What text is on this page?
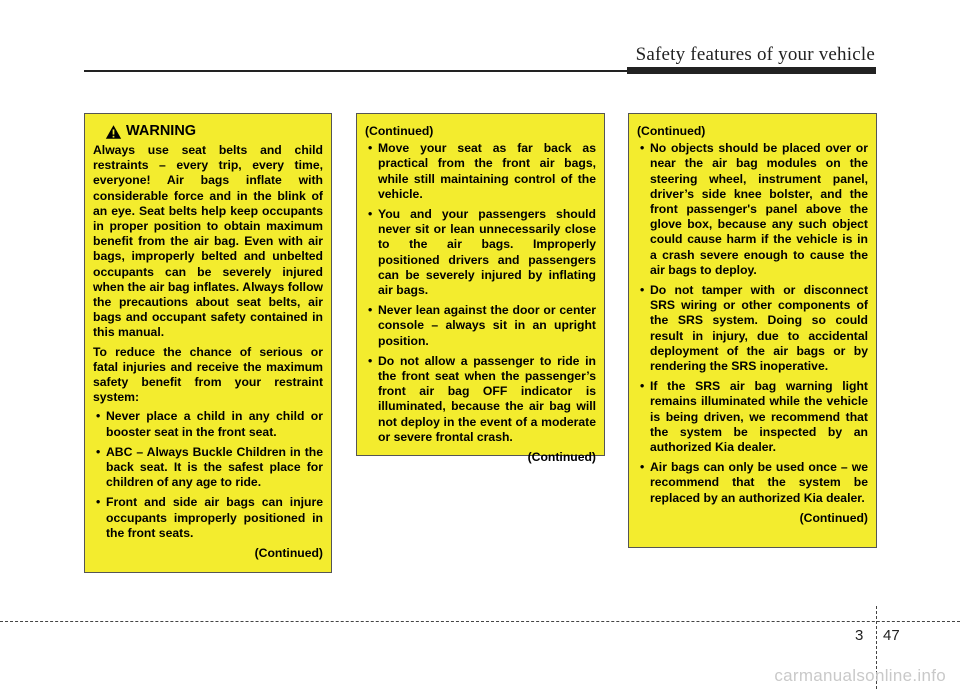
Safety features of your vehicle
WARNING

Always use seat belts and child restraints – every trip, every time, everyone! Air bags inflate with considerable force and in the blink of an eye. Seat belts help keep occupants in proper position to obtain maximum benefit from the air bag. Even with air bags, improperly belted and unbelted occupants can be severely injured when the air bag inflates. Always follow the precautions about seat belts, air bags and occupant safety contained in this manual.

To reduce the chance of serious or fatal injuries and receive the maximum safety benefit from your restraint system:

• Never place a child in any child or booster seat in the front seat.
• ABC – Always Buckle Children in the back seat. It is the safest place for children of any age to ride.
• Front and side air bags can injure occupants improperly positioned in the front seats.
(Continued)
(Continued)
• Move your seat as far back as practical from the front air bags, while still maintaining control of the vehicle.
• You and your passengers should never sit or lean unnecessarily close to the air bags. Improperly positioned drivers and passengers can be severely injured by inflating air bags.
• Never lean against the door or center console – always sit in an upright position.
• Do not allow a passenger to ride in the front seat when the passenger’s front air bag OFF indicator is illuminated, because the air bag will not deploy in the event of a moderate or severe frontal crash.
(Continued)
(Continued)
• No objects should be placed over or near the air bag modules on the steering wheel, instrument panel, driver’s side knee bolster, and the front passenger's panel above the glove box, because any such object could cause harm if the vehicle is in a crash severe enough to cause the air bags to deploy.
• Do not tamper with or disconnect SRS wiring or other components of the SRS system. Doing so could result in injury, due to accidental deployment of the air bags or by rendering the SRS inoperative.
• If the SRS air bag warning light remains illuminated while the vehicle is being driven, we recommend that the system be inspected by an authorized Kia dealer.
• Air bags can only be used once – we recommend that the system be replaced by an authorized Kia dealer.
(Continued)
3 47
carmanualsonline.info
